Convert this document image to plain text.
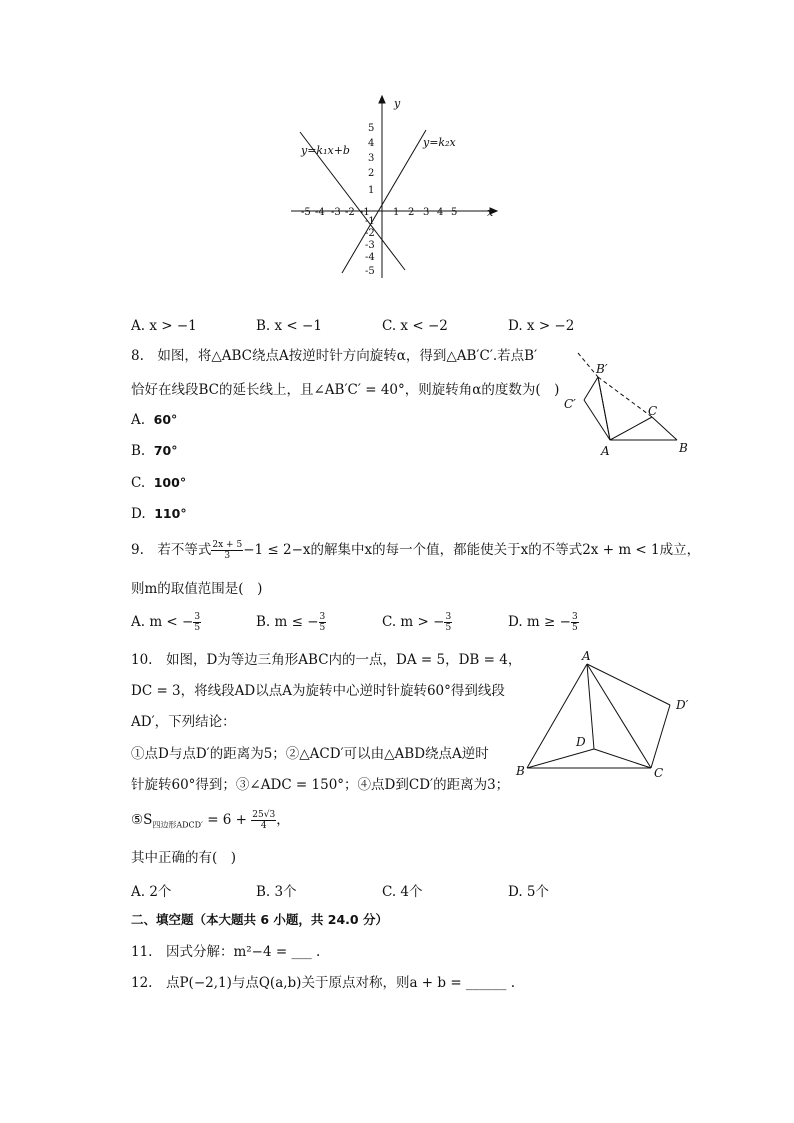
y
x
y=k₁x+b
y=k₂x
-5 -4 -3 -2 -1 1 2 3 4 5
5
4
3
2
1
-1
-2
-3
-4
-5
A. x > −1	B. x < −1	C. x < −2	D. x > −2
8. 如图，将△ABC绕点A按逆时针方向旋转α，得到△AB′C′.若点B′
恰好在线段BC的延长线上，且∠AB′C′ = 40°，则旋转角α的度数为(　)
A. 60°
B. 70°
C. 100°
D. 110°
B′
C′	C
A	B
9. 若不等式 $\frac{2x + 5}{3} -1 \le 2-x$的解集中x的每一个值，都能使关于x的不等式2x + m < 1成立，
则m的取值范围是(　)
A. m < − $\frac{3}{5}$	B. m ≤ − $\frac{3}{5}$	C. m > − $\frac{3}{5}$	D. m ≥ − $\frac{3}{5}$
10. 如图，D为等边三角形ABC内的一点，DA = 5，DB = 4，
DC = 3，将线段AD以点A为旋转中心逆时针旋转60°得到线段
AD′，下列结论：
①点D与点D′的距离为5；②△ACD′可以由△ABD绕点A逆时
针旋转60°得到；③∠ADC = 150°；④点D到CD′的距离为3；
$⑤S_{四边形ADCD'} = 6 + \frac{25√3}{4}$ ，
其中正确的有(　)
A. 2个	B. 3个	C. 4个	D. 5个
A
D′
D
B	C
二、填空题（本大题共 6 小题，共 24.0 分）
11. 因式分解：m²−4 = ___ .
12. 点P(−2,1)与点Q(a,b)关于原点对称，则a + b = ______ .
